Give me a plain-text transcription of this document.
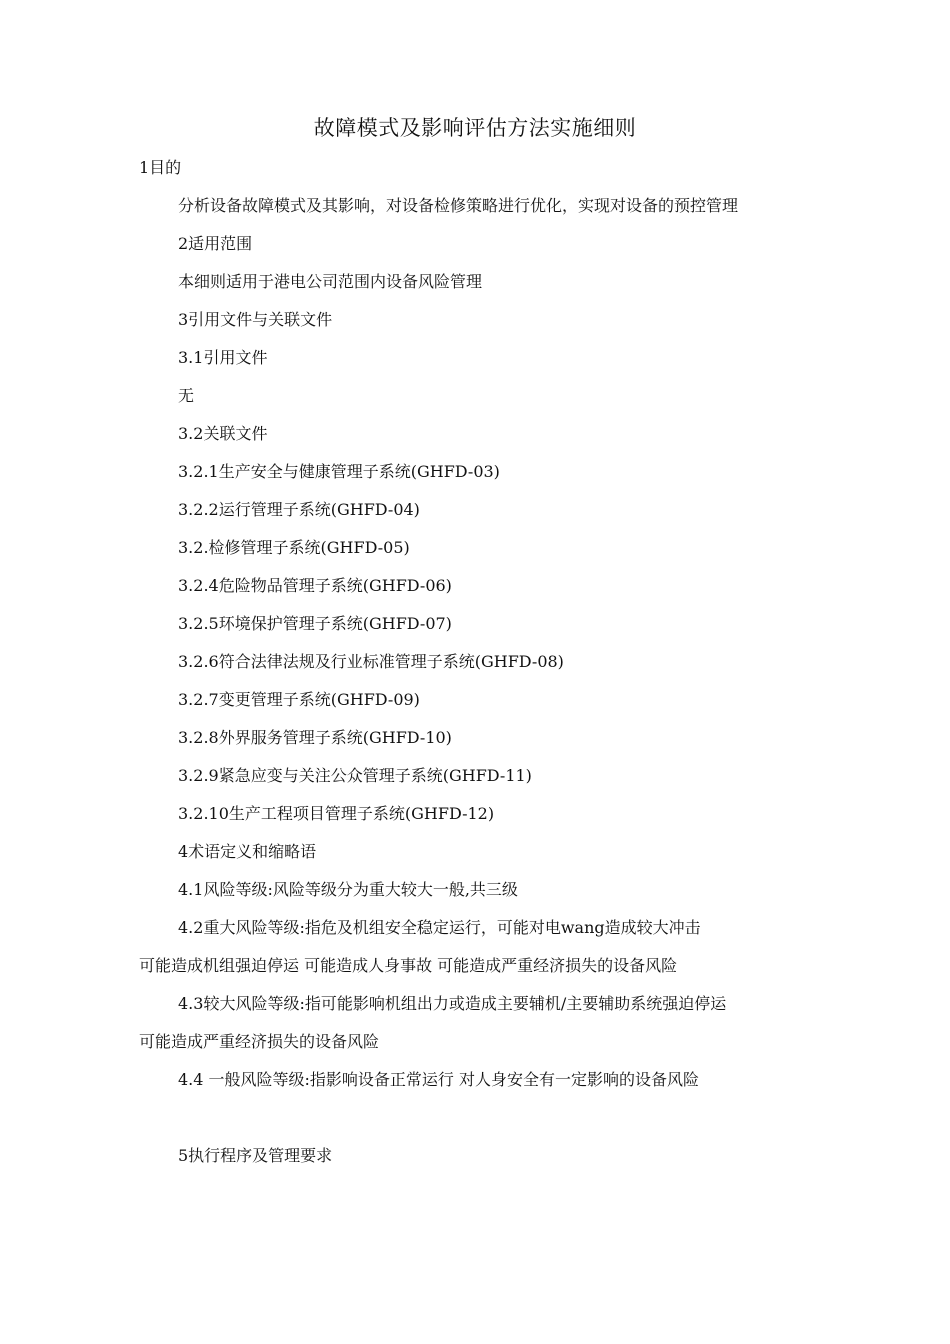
故障模式及影响评估方法实施细则
1目的
分析设备故障模式及其影响，对设备检修策略进行优化，实现对设备的预控管理
2适用范围
本细则适用于港电公司范围内设备风险管理
3引用文件与关联文件
3.1引用文件
无
3.2关联文件
3.2.1生产安全与健康管理子系统(GHFD-03)
3.2.2运行管理子系统(GHFD-04)
3.2.检修管理子系统(GHFD-05)
3.2.4危险物品管理子系统(GHFD-06)
3.2.5环境保护管理子系统(GHFD-07)
3.2.6符合法律法规及行业标准管理子系统(GHFD-08)
3.2.7变更管理子系统(GHFD-09)
3.2.8外界服务管理子系统(GHFD-10)
3.2.9紧急应变与关注公众管理子系统(GHFD-11)
3.2.10生产工程项目管理子系统(GHFD-12)
4术语定义和缩略语
4.1风险等级:风险等级分为重大较大一般,共三级
4.2重大风险等级:指危及机组安全稳定运行，可能对电wang造成较大冲击
可能造成机组强迫停运 可能造成人身事故 可能造成严重经济损失的设备风险
4.3较大风险等级:指可能影响机组出力或造成主要辅机/主要辅助系统强迫停运
可能造成严重经济损失的设备风险
4.4 一般风险等级:指影响设备正常运行 对人身安全有一定影响的设备风险
5执行程序及管理要求
